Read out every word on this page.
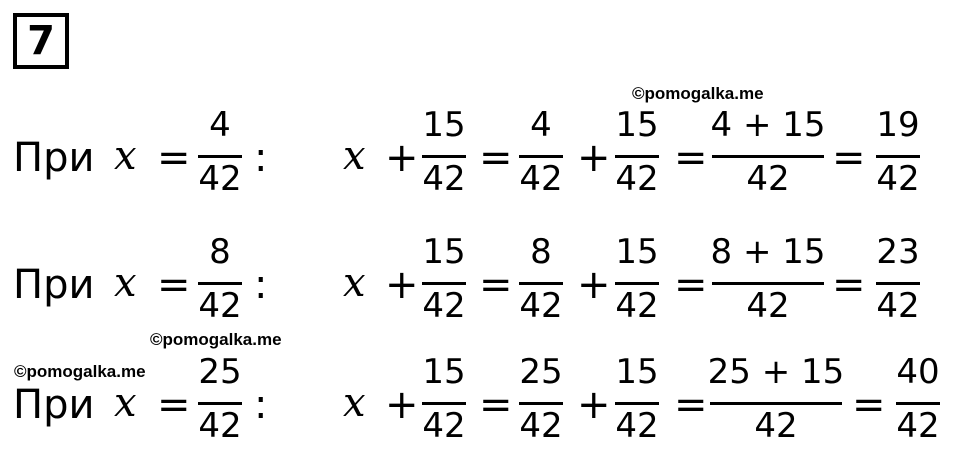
7
©pomogalka.me
©pomogalka.me
©pomogalka.me
При x =
4
42 : x +
15
42 =
4
42 +
15
42 =
4 + 15
42 =
19
42
При x =
8
42 : x +
15
42 =
8
42 +
15
42 =
8 + 15
42 =
23
42
При x =
25
42 : x +
15
42 =
25
42 +
15
42 =
25 + 15
42 =
40
42
